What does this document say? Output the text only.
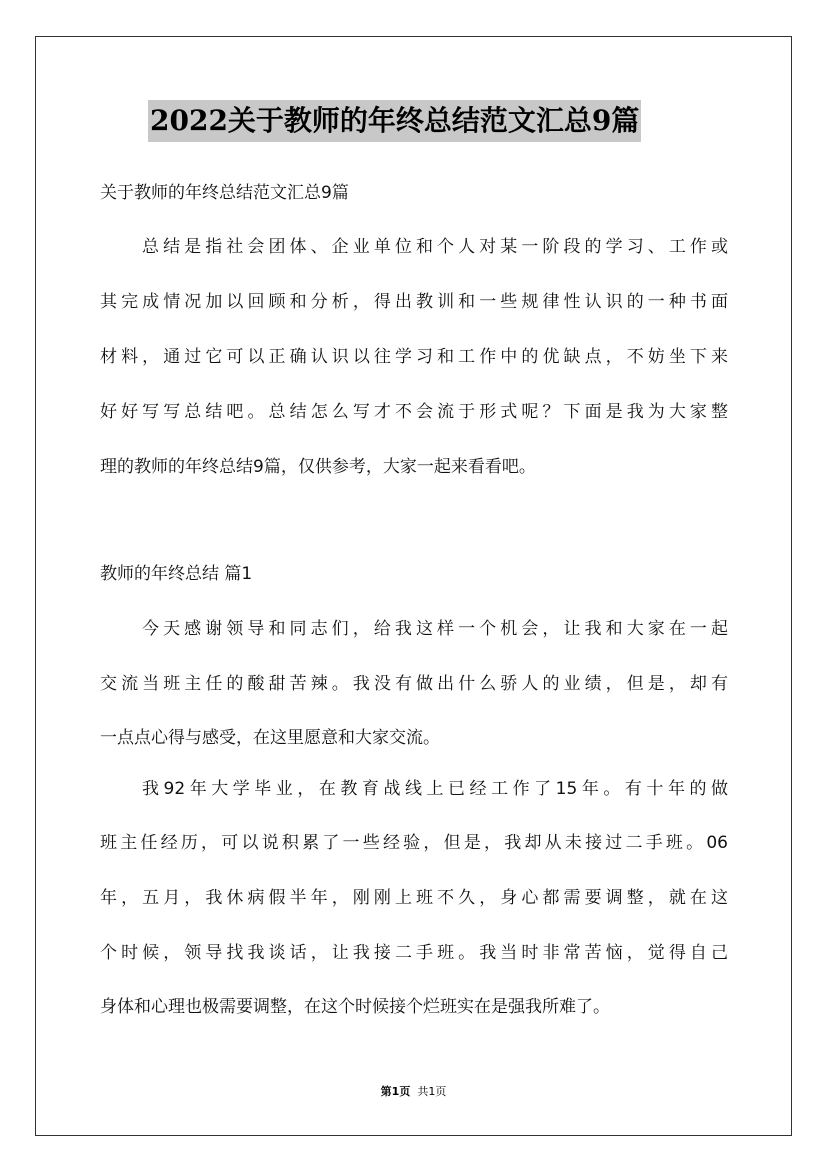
2022关于教师的年终总结范文汇总9篇
关于教师的年终总结范文汇总9篇
总结是指社会团体、企业单位和个人对某一阶段的学习、工作或
其完成情况加以回顾和分析，得出教训和一些规律性认识的一种书面
材料，通过它可以正确认识以往学习和工作中的优缺点，不妨坐下来
好好写写总结吧。总结怎么写才不会流于形式呢？下面是我为大家整
理的教师的年终总结9篇，仅供参考，大家一起来看看吧。
教师的年终总结 篇1
今天感谢领导和同志们，给我这样一个机会，让我和大家在一起
交流当班主任的酸甜苦辣。我没有做出什么骄人的业绩，但是，却有
一点点心得与感受，在这里愿意和大家交流。
我92年大学毕业，在教育战线上已经工作了15年。有十年的做
班主任经历，可以说积累了一些经验，但是，我却从未接过二手班。06
年，五月，我休病假半年，刚刚上班不久，身心都需要调整，就在这
个时候，领导找我谈话，让我接二手班。我当时非常苦恼，觉得自己
身体和心理也极需要调整，在这个时候接个烂班实在是强我所难了。
第1页 共1页
